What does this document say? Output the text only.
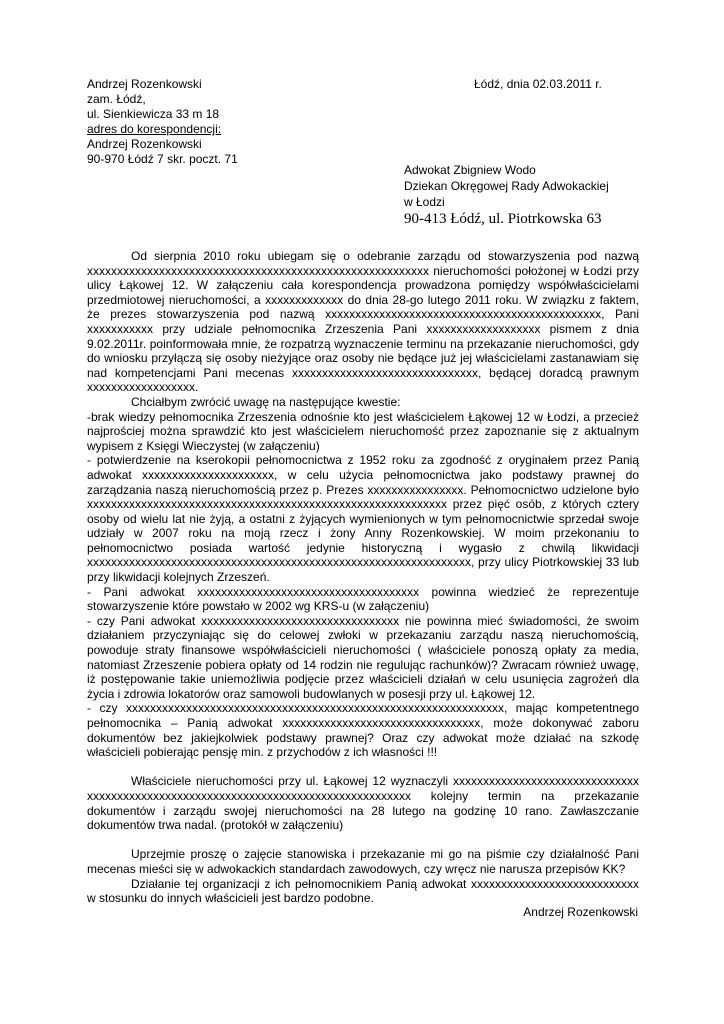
Andrzej Rozenkowski
zam. Łódź,
ul. Sienkiewicza 33 m 18
adres do korespondencji:
Andrzej Rozenkowski
90-970 Łódź 7 skr. poczt. 71
Łódź, dnia 02.03.2011 r.
Adwokat Zbigniew Wodo
Dziekan Okręgowej Rady Adwokackiej
w Łodzi
90-413 Łódź, ul. Piotrkowska 63

Od sierpnia 2010 roku ubiegam się o odebranie zarządu od stowarzyszenia pod nazwą xxxxxxxxxxxxxxxxxxxxxxxxxxxxxxxxxxxxxxxxxxxxxxxxxxxxxxxxx nieruchomości położonej w Łodzi przy ulicy Łąkowej 12. W załączeniu cała korespondencja prowadzona pomiędzy współwłaścicielami przedmiotowej nieruchomości, a xxxxxxxxxxxxx do dnia 28-go lutego 2011 roku. W związku z faktem, że prezes stowarzyszenia pod nazwą xxxxxxxxxxxxxxxxxxxxxxxxxxxxxxxxxxxxxxxxxxxxxx, Pani xxxxxxxxxxx przy udziale pełnomocnika Zrzeszenia Pani xxxxxxxxxxxxxxxxxxx pismem z dnia 9.02.2011r. poinformowała mnie, że rozpatrzą wyznaczenie terminu na przekazanie nieruchomości, gdy do wniosku przyłączą się osoby nieżyjące oraz osoby nie będące już jej właścicielami zastanawiam się nad kompetencjami Pani mecenas xxxxxxxxxxxxxxxxxxxxxxxxxxxxxxx, będącej doradcą prawnym xxxxxxxxxxxxxxxxxx.

Chciałbym zwrócić uwagę na następujące kwestie:

-brak wiedzy pełnomocnika Zrzeszenia odnośnie kto jest właścicielem Łąkowej 12 w Łodzi, a przecież najprościej można sprawdzić kto jest właścicielem nieruchomość przez zapoznanie się z aktualnym wypisem z Księgi Wieczystej (w załączeniu)

- potwierdzenie na kserokopii pełnomocnictwa z 1952 roku za zgodność z oryginałem przez Panią adwokat xxxxxxxxxxxxxxxxxxxxxx, w celu użycia pełnomocnictwa jako podstawy prawnej do zarządzania naszą nieruchomością przez p. Prezes xxxxxxxxxxxxxxxx. Pełnomocnictwo udzielone było xxxxxxxxxxxxxxxxxxxxxxxxxxxxxxxxxxxxxxxxxxxxxxxxxxxxxxxxxxxx przez pięć osób, z których cztery osoby od wielu lat nie żyją, a ostatni z żyjących wymienionych w tym pełnomocnictwie sprzedał swoje udziały w 2007 roku na moją rzecz i żony Anny Rozenkowskiej. W moim przekonaniu to pełnomocnictwo posiada wartość jedynie historyczną i wygasło z chwilą likwidacji xxxxxxxxxxxxxxxxxxxxxxxxxxxxxxxxxxxxxxxxxxxxxxxxxxxxxxxxxxxxxxxx, przy ulicy Piotrkowskiej 33 lub przy likwidacji kolejnych Zrzeszeń.

- Pani adwokat xxxxxxxxxxxxxxxxxxxxxxxxxxxxxxxxxxxxx powinna wiedzieć że reprezentuje stowarzyszenie które powstało w 2002 wg KRS-u (w załączeniu)

- czy Pani adwokat xxxxxxxxxxxxxxxxxxxxxxxxxxxxxxxxx nie powinna mieć świadomości, że swoim działaniem przyczyniając się do celowej zwłoki w przekazaniu zarządu naszą nieruchomością, powoduje straty finansowe współwłaścicieli nieruchomości ( właścicielе ponoszą opłaty za media, natomiast Zrzeszenie pobiera opłaty od 14 rodzin nie regulując rachunków)? Zwracam również uwagę, iż postępowanie takie uniemożliwia podjęcie przez właścicieli działań w celu usunięcia zagrożeń dla życia i zdrowia lokatorów oraz samowoli budowlanych w posesji przy ul. Łąkowej 12.

- czy xxxxxxxxxxxxxxxxxxxxxxxxxxxxxxxxxxxxxxxxxxxxxxxxxxxxxxxxxxxxxxx, mając kompetentnego pełnomocnika – Panią adwokat xxxxxxxxxxxxxxxxxxxxxxxxxxxxxxxxx, może dokonywać zaboru dokumentów bez jakiejkolwiek podstawy prawnej? Oraz czy adwokat może działać na szkodę właścicieli pobierając pensję min. z przychodów z ich własności !!!

Właściciele nieruchomości przy ul. Łąkowej 12 wyznaczyli xxxxxxxxxxxxxxxxxxxxxxxxxxxxxxx xxxxxxxxxxxxxxxxxxxxxxxxxxxxxxxxxxxxxxxxxxxxxxxxxxxxxx kolejny termin na przekazanie dokumentów i zarządu swojej nieruchomości na 28 lutego na godzinę 10 rano. Zawłaszczanie dokumentów trwa nadal. (protokół w załączeniu)

Uprzejmie proszę o zajęcie stanowiska i przekazanie mi go na piśmie czy działalność Pani mecenas mieści się w adwokackich standardach zawodowych, czy wręcz nie narusza przepisów KK?

Działanie tej organizacji z ich pełnomocnikiem Panią adwokat xxxxxxxxxxxxxxxxxxxxxxxxxxxx w stosunku do innych właścicieli jest bardzo podobne.

Andrzej Rozenkowski
